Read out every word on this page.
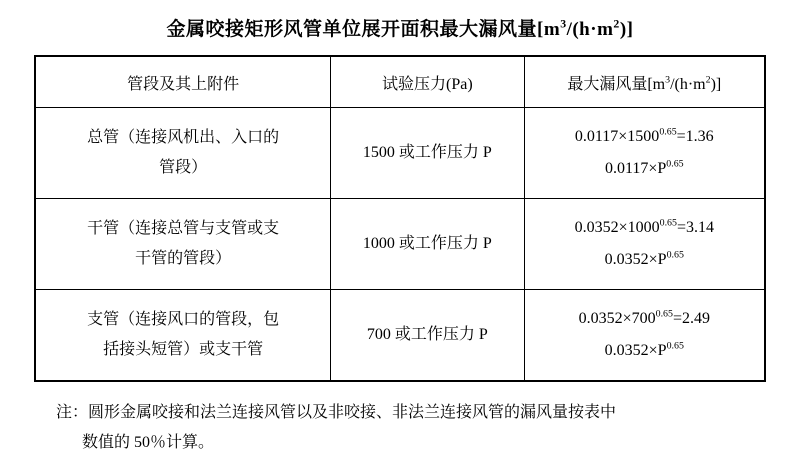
金属咬接矩形风管单位展开面积最大漏风量$[m^3/(h\cdot m^2)]$
管段及其上附件	试验压力(Pa)	最大漏风量$[m^3/(h\cdot m^2)]$

总管（连接风机出、入口的
管段）	1500 或工作压力 P	$0.0117\times 1500^{0.65}=1.36$
$0.0117\times P^{0.65}$

干管（连接总管与支管或支
干管的管段）	1000 或工作压力 P	$0.0352\times 1000^{0.65}=3.14$
$0.0352\times P^{0.65}$

支管（连接风口的管段，包
括接头短管）或支干管	700 或工作压力 P	$0.0352\times 700^{0.65}=2.49$
$0.0352\times P^{0.65}$
注：圆形金属咬接和法兰连接风管以及非咬接、非法兰连接风管的漏风量按表中
数值的 50％计算。
